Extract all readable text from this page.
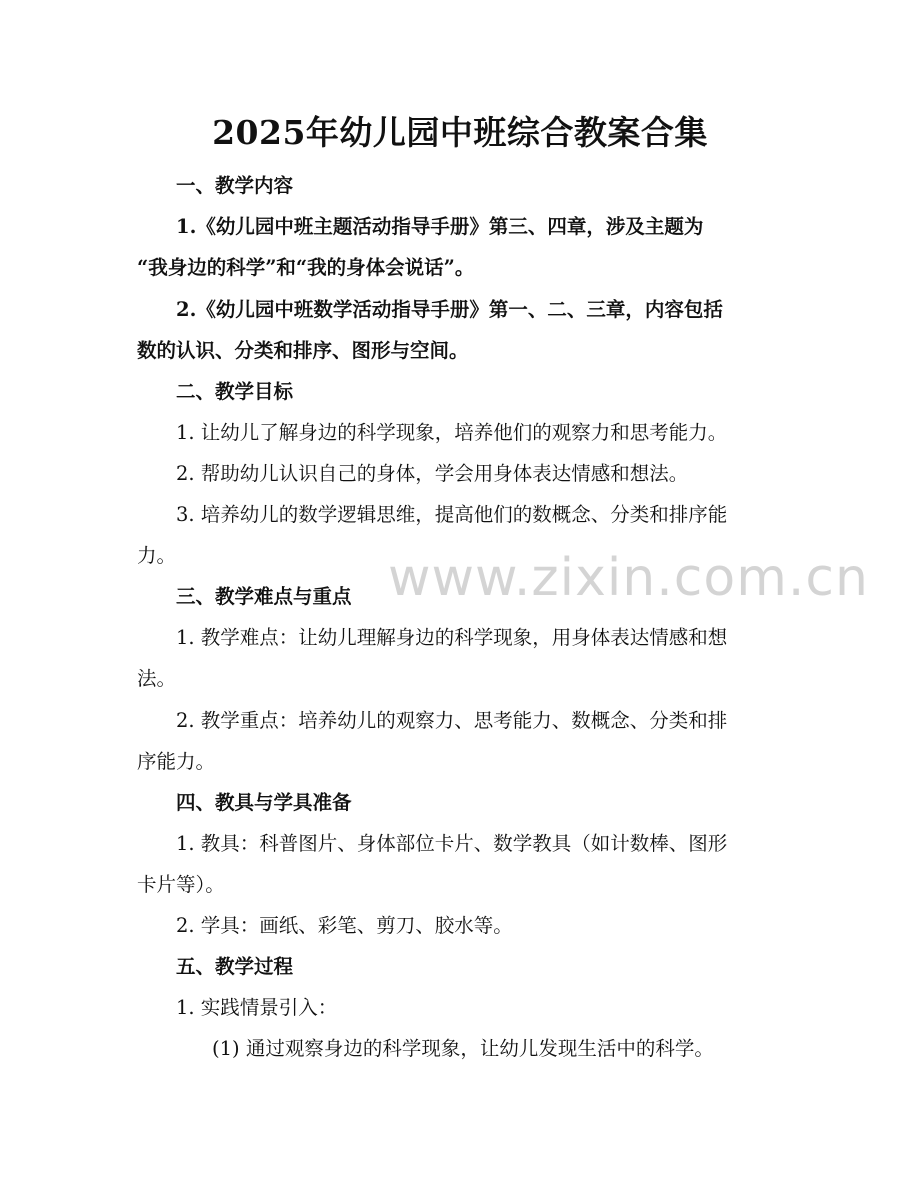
2025年幼儿园中班综合教案合集

一、教学内容

1.《幼儿园中班主题活动指导手册》第三、四章，涉及主题为

“我身边的科学”和“我的身体会说话”。

2.《幼儿园中班数学活动指导手册》第一、二、三章，内容包括

数的认识、分类和排序、图形与空间。

二、教学目标

1. 让幼儿了解身边的科学现象，培养他们的观察力和思考能力。

2. 帮助幼儿认识自己的身体，学会用身体表达情感和想法。

3. 培养幼儿的数学逻辑思维，提高他们的数概念、分类和排序能

力。

三、教学难点与重点

1. 教学难点：让幼儿理解身边的科学现象，用身体表达情感和想

法。

2. 教学重点：培养幼儿的观察力、思考能力、数概念、分类和排

序能力。

四、教具与学具准备

1. 教具：科普图片、身体部位卡片、数学教具（如计数棒、图形

卡片等）。

2. 学具：画纸、彩笔、剪刀、胶水等。

五、教学过程

1. 实践情景引入：

(1) 通过观察身边的科学现象，让幼儿发现生活中的科学。

www.zixin.com.cn
